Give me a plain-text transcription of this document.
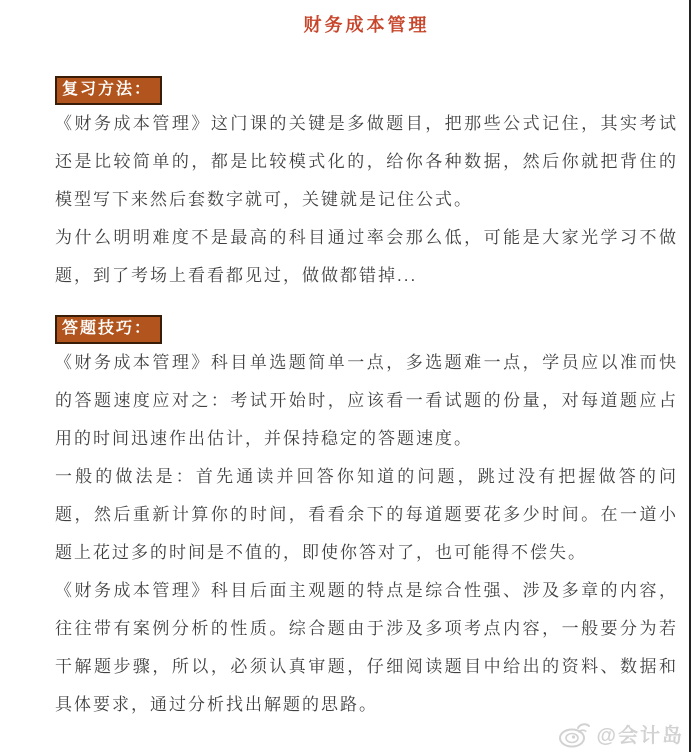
财务成本管理
复习方法：

《财务成本管理》这门课的关键是多做题目，把那些公式记住，其实考试还是比较简单的，都是比较模式化的，给你各种数据，然后你就把背住的模型写下来然后套数字就可，关键就是记住公式。

为什么明明难度不是最高的科目通过率会那么低，可能是大家光学习不做题，到了考场上看看都见过，做做都错掉...

答题技巧：

《财务成本管理》科目单选题简单一点，多选题难一点，学员应以准而快的答题速度应对之：考试开始时，应该看一看试题的份量，对每道题应占用的时间迅速作出估计，并保持稳定的答题速度。

一般的做法是：首先通读并回答你知道的问题，跳过没有把握做答的问题，然后重新计算你的时间，看看余下的每道题要花多少时间。在一道小题上花过多的时间是不值的，即使你答对了，也可能得不偿失。

《财务成本管理》科目后面主观题的特点是综合性强、涉及多章的内容，往往带有案例分析的性质。综合题由于涉及多项考点内容，一般要分为若干解题步骤，所以，必须认真审题，仔细阅读题目中给出的资料、数据和具体要求，通过分析找出解题的思路。

@会计岛
